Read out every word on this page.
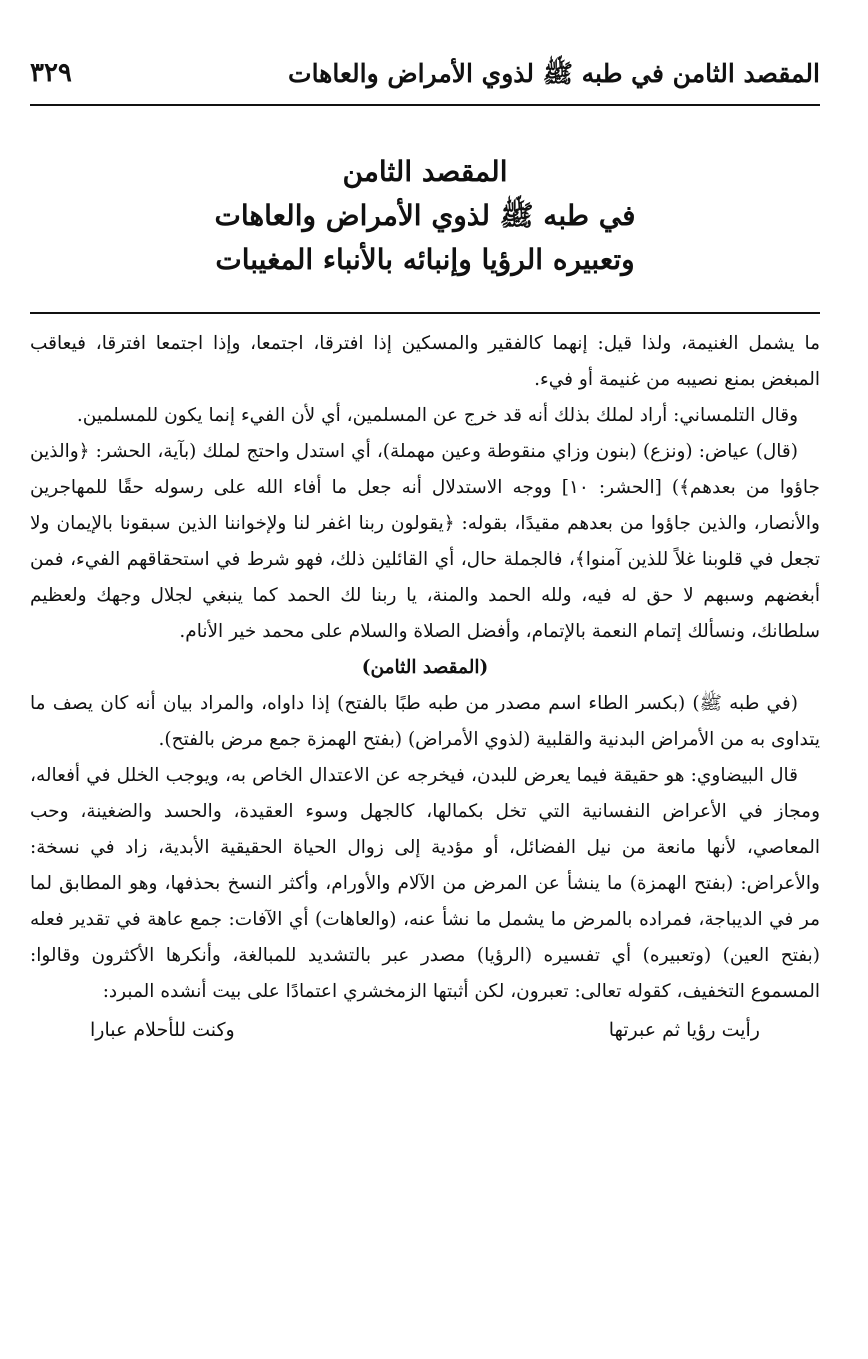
المقصد الثامن في طبه ﷺ لذوي الأمراض والعاهات
٣٢٩
المقصد الثامن
في طبه ﷺ لذوي الأمراض والعاهات
وتعبيره الرؤيا وإنبائه بالأنباء المغيبات

ما يشمل الغنيمة، ولذا قيل: إنهما كالفقير والمسكين إذا افترقا، اجتمعا، وإذا اجتمعا افترقا، فيعاقب المبغض بمنع نصيبه من غنيمة أو فيء.

وقال التلمساني: أراد لملك بذلك أنه قد خرج عن المسلمين، أي لأن الفيء إنما يكون للمسلمين.

(قال) عياض: (ونزع) (بنون وزاي منقوطة وعين مهملة)، أي استدل واحتج لملك (بآية، الحشر: ﴿والذين جاؤوا من بعدهم﴾) [الحشر: ١٠] ووجه الاستدلال أنه جعل ما أفاء الله على رسوله حقًا للمهاجرين والأنصار، والذين جاؤوا من بعدهم مقيدًا، بقوله: ﴿يقولون ربنا اغفر لنا ولإخواننا الذين سبقونا بالإيمان ولا تجعل في قلوبنا غلاً للذين آمنوا﴾، فالجملة حال، أي القائلين ذلك، فهو شرط في استحقاقهم الفيء، فمن أبغضهم وسبهم لا حق له فيه، ولله الحمد والمنة، يا ربنا لك الحمد كما ينبغي لجلال وجهك ولعظيم سلطانك، ونسألك إتمام النعمة بالإتمام، وأفضل الصلاة والسلام على محمد خير الأنام.

(المقصد الثامن)

(في طبه ﷺ) (بكسر الطاء اسم مصدر من طبه طبًا بالفتح) إذا داواه، والمراد بيان أنه كان يصف ما يتداوى به من الأمراض البدنية والقلبية (لذوي الأمراض) (بفتح الهمزة جمع مرض بالفتح).

قال البيضاوي: هو حقيقة فيما يعرض للبدن، فيخرجه عن الاعتدال الخاص به، ويوجب الخلل في أفعاله، ومجاز في الأعراض النفسانية التي تخل بكمالها، كالجهل وسوء العقيدة، والحسد والضغينة، وحب المعاصي، لأنها مانعة من نيل الفضائل، أو مؤدية إلى زوال الحياة الحقيقية الأبدية، زاد في نسخة: والأعراض: (بفتح الهمزة) ما ينشأ عن المرض من الآلام والأورام، وأكثر النسخ بحذفها، وهو المطابق لما مر في الديباجة، فمراده بالمرض ما يشمل ما نشأ عنه، (والعاهات) أي الآفات: جمع عاهة في تقدير فعله (بفتح العين) (وتعبيره) أي تفسيره (الرؤيا) مصدر عبر بالتشديد للمبالغة، وأنكرها الأكثرون وقالوا: المسموع التخفيف، كقوله تعالى: تعبرون، لكن أثبتها الزمخشري اعتمادًا على بيت أنشده المبرد:

رأيت رؤيا ثم عبرتها
وكنت للأحلام عبارا
